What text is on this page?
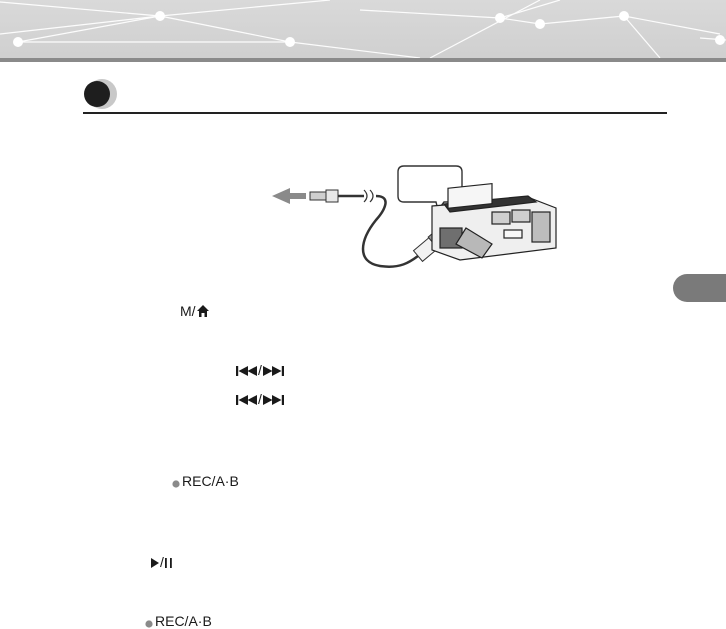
M/
/
/
REC/A·B
/
REC/A·B
